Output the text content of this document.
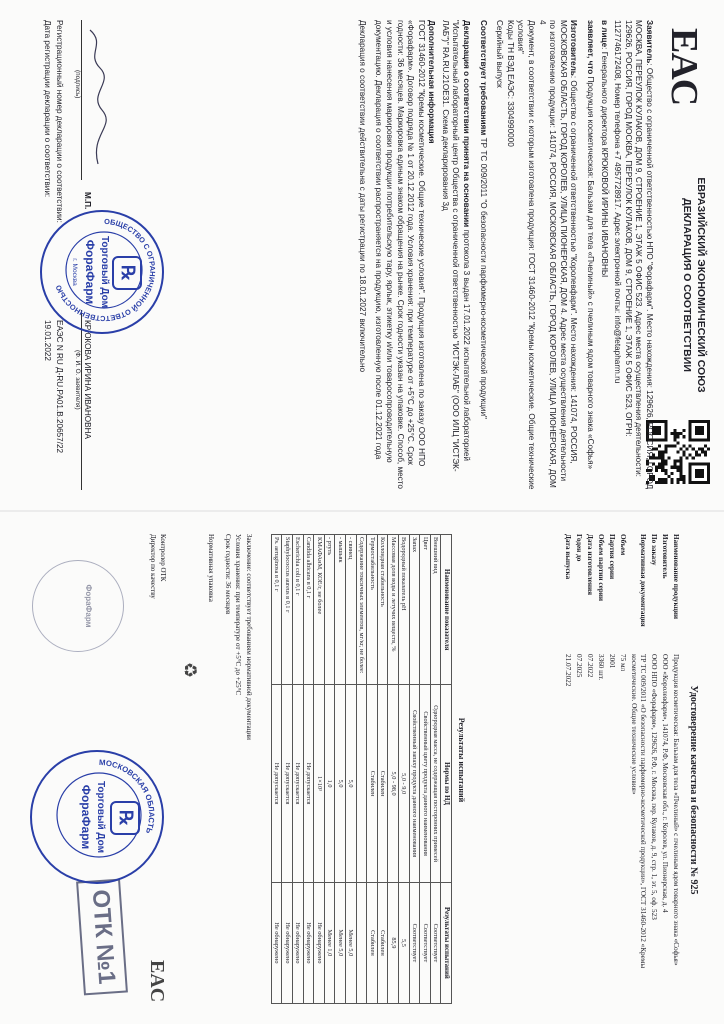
EAC
ЕВРАЗИЙСКИЙ ЭКОНОМИЧЕСКИЙ СОЮЗ
ДЕКЛАРАЦИЯ О СООТВЕТСТВИИ

Заявитель: Общество с ограниченной ответственностью НПО "Форафарм". Место нахождения: 129626, РОССИЯ, ГОРОД МОСКВА, ПЕРЕУЛОК КУЛАКОВ, ДОМ 9, СТРОЕНИЕ 1, ЭТАЖ 5 ОФИС 523. Адрес места осуществления деятельности: 129626, РОССИЯ, ГОРОД МОСКВА, ПЕРЕУЛОК КУЛАКОВ, ДОМ 9, СТРОЕНИЕ 1, ЭТАЖ 5 ОФИС 523, ОГРН: 1127746172408, Номер телефона +7 4957728917. Адрес электронной почты: info@fetapharm.ru

в лице: Генерального директора КРЮКОВОЙ ИРИНЫ ИВАНОВНЫ

заявляет, что Продукция косметическая: Бальзам для тела «Пчелиный» с пчелиным ядом товарного знака «Софья»

Изготовитель: Общество с ограниченной ответственностью "Королевфарм". Место нахождения: 141074, РОССИЯ, МОСКОВСКАЯ ОБЛАСТЬ, ГОРОД КОРОЛЕВ, УЛИЦА ПИОНЕРСКАЯ, ДОМ 4. Адрес места осуществления деятельности по изготовлению продукции: 141074, РОССИЯ, МОСКОВСКАЯ ОБЛАСТЬ, ГОРОД КОРОЛЕВ, УЛИЦА ПИОНЕРСКАЯ, ДОМ 4

Документ, в соответствии с которым изготовлена продукция: ГОСТ 31460-2012 "Кремы косметические. Общие технические условия"

Коды ТН ВЭД ЕАЭС: 3304990000

Серийный выпуск

Соответствует требованиям ТР ТС 009/2011 "О безопасности парфюмерно-косметической продукции"

Декларация о соответствии принята на основании протокола 3 выдан 17.01.2022 испытательной лабораторией "Испытательный лабораторный центр Общества с ограниченной ответственностью "ИСТЭК-ЛАБ" (ООО ИЛЦ "ИСТЭК-ЛАБ")" RA.RU.21OE31. Схема декларирования 3д

Дополнительная информация

ГОСТ 31460-2012 "Кремы косметические. Общие технические условия". Продукция изготовлена по заказу ООО НПО «Форафарм». Договор подряда № 1 от 20.12.2012 года. Условия хранения: при температуре от +5°С до +25°С. Срок годности: 36 месяцев. Маркировка единым знаком обращения на рынке. Срок годности указан на упаковке. Способ, место и условия нанесения маркировки продукции потребительскую тару, ярлык, этикетку и/или товаросопроводительную документацию. Декларация о соответствии распространяется на продукцию, изготовленную после 01.12.2021 года

Декларация о соответствии действительна с даты регистрации по 18.01.2027 включительно

(подпись)
М.П.
КРЮКОВА ИРИНА ИВАНОВНА
(Ф. И. О. заявителя)
Регистрационный номер декларации о соответствии:
ЕАЭС N RU Д-RU.РА01.В.20657/22
Дата регистрации декларации о соответствии:
19.01.2022
ОБЩЕСТВО С ОГРАНИЧЕННОЙ ОТВЕТСТВЕННОСТЬЮ
℞
Торговый Дом
ФораФарм
г. Москва
Удостоверение качества и безопасности № 925
Наименование продукции
Продукция косметическая: Бальзам для тела «Пчелиный» с пчелиным ядом товарного знака «Софья»
Изготовитель
ООО «Королевфарм», 141074, Р.Ф, Московская обл., г. Королев, ул. Пионерская, д. 4
По заказу
ООО НПО «Форафарм», 129626, Р.Ф, г. Москва, пер. Кулаков, д. 9, стр. 1, эт. 5, оф. 523
Нормативная документация
ТР ТС 009/2011 «О безопасности парфюмерно-косметической продукции», ГОСТ 31460-2012 «Кремы косметические. Общие технические условия»
Объем
75 мл
Партия серии
2001
Объем партии серии
3360 шт.
Дата изготовления
07.2022
Годен до
07.2025
Дата выпуска
21.07.2022
Результаты испытаний
Наименование показателя	Нормы по НД	Результаты испытаний
Внешний вид	Однородная масса, не содержащая посторонних примесей	Соответствует
Цвет	Свойственный цвету продукта данного наименования	Соответствует
Запах	Свойственный запаху продукта данного наименования	Соответствует
Водородный показатель pH	5,0 - 9,0	5,5
Массовая доля воды и летучих веществ, %	5,0 - 98,0	85,9
Коллоидная стабильность	Стабилен	Стабилен
Термостабильность	Стабилен	Стабилен
Содержание токсичных элементов, мг/кг, не более:		
- свинец	5,0	Менее 5,0
- мышьяк	5,0	Менее 5,0
- ртуть	1,0	Менее 1,0
КМАФАнМ, КОЕ/г, не более	1×10³	Не обнаружено
Candida albicans в 0,1 г	Не допускается	Не обнаружено
Escherichia coli в 0,1 г	Не допускается	Не обнаружено
Staphylococcus aureus в 0,1 г	Не допускается	Не обнаружено
Ps. aeruginosa в 0,1 г	Не допускается	Не обнаружено

Заключение: соответствует требованиям нормативной документации

Условия хранения: при температуре от +5°С до +25°С

Срок годности: 36 месяцев

Нормативная упаковка

♻
Контролер ОТК
Директор по качеству
ОТК №1	EAC
МОСКОВСКАЯ ОБЛАСТЬ
℞
Торговый Дом
ФораФарм
ФораФарм
